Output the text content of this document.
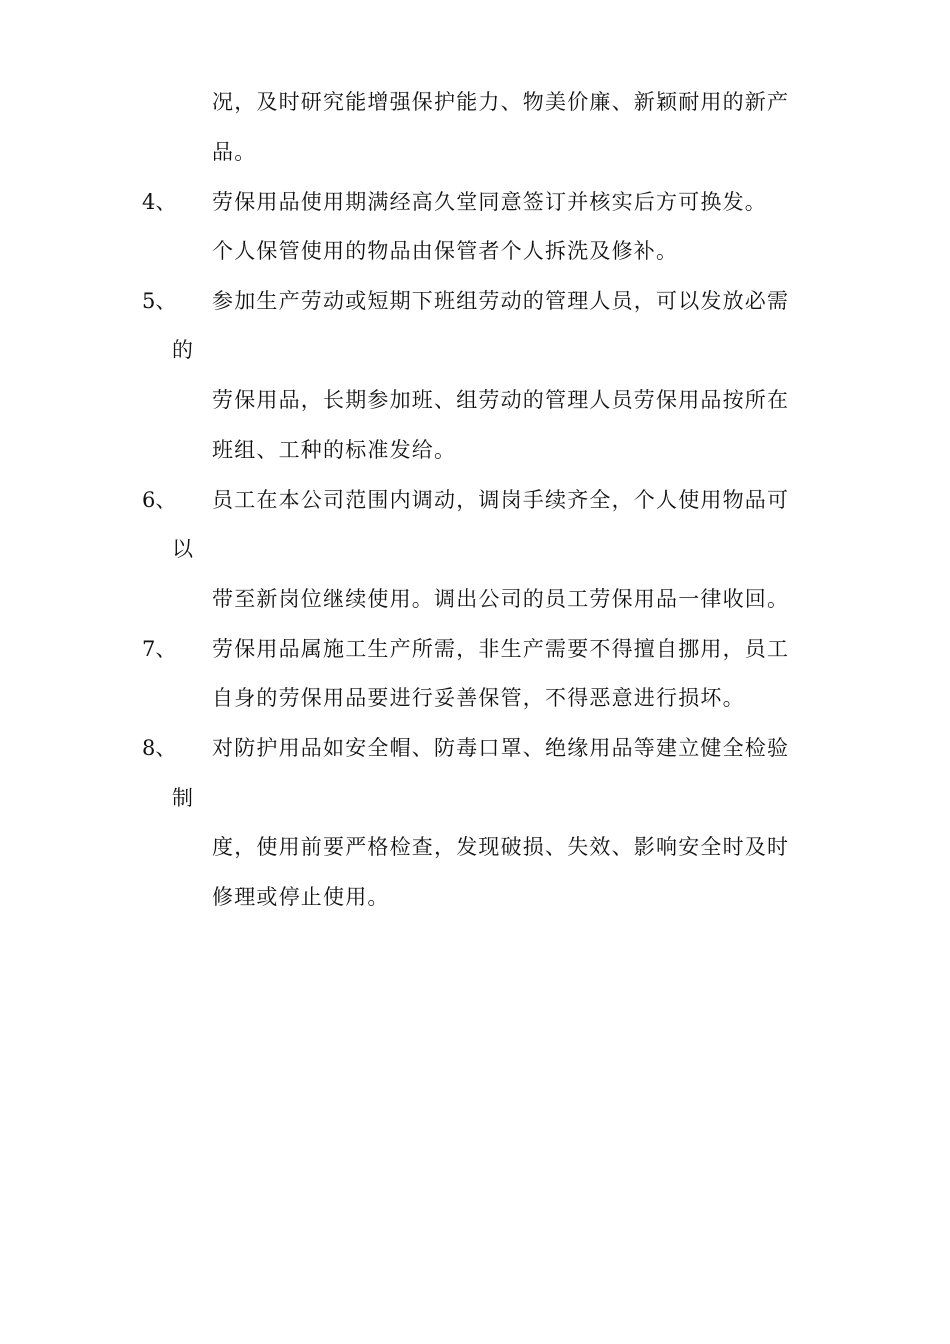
况，及时研究能增强保护能力、物美价廉、新颖耐用的新产
品。
4、 劳保用品使用期满经高久堂同意签订并核实后方可换发。
个人保管使用的物品由保管者个人拆洗及修补。
5、 参加生产劳动或短期下班组劳动的管理人员，可以发放必需
的
劳保用品，长期参加班、组劳动的管理人员劳保用品按所在
班组、工种的标准发给。
6、 员工在本公司范围内调动，调岗手续齐全，个人使用物品可
以
带至新岗位继续使用。调出公司的员工劳保用品一律收回。
7、 劳保用品属施工生产所需，非生产需要不得擅自挪用，员工
自身的劳保用品要进行妥善保管，不得恶意进行损坏。
8、 对防护用品如安全帽、防毒口罩、绝缘用品等建立健全检验
制
度，使用前要严格检查，发现破损、失效、影响安全时及时
修理或停止使用。
